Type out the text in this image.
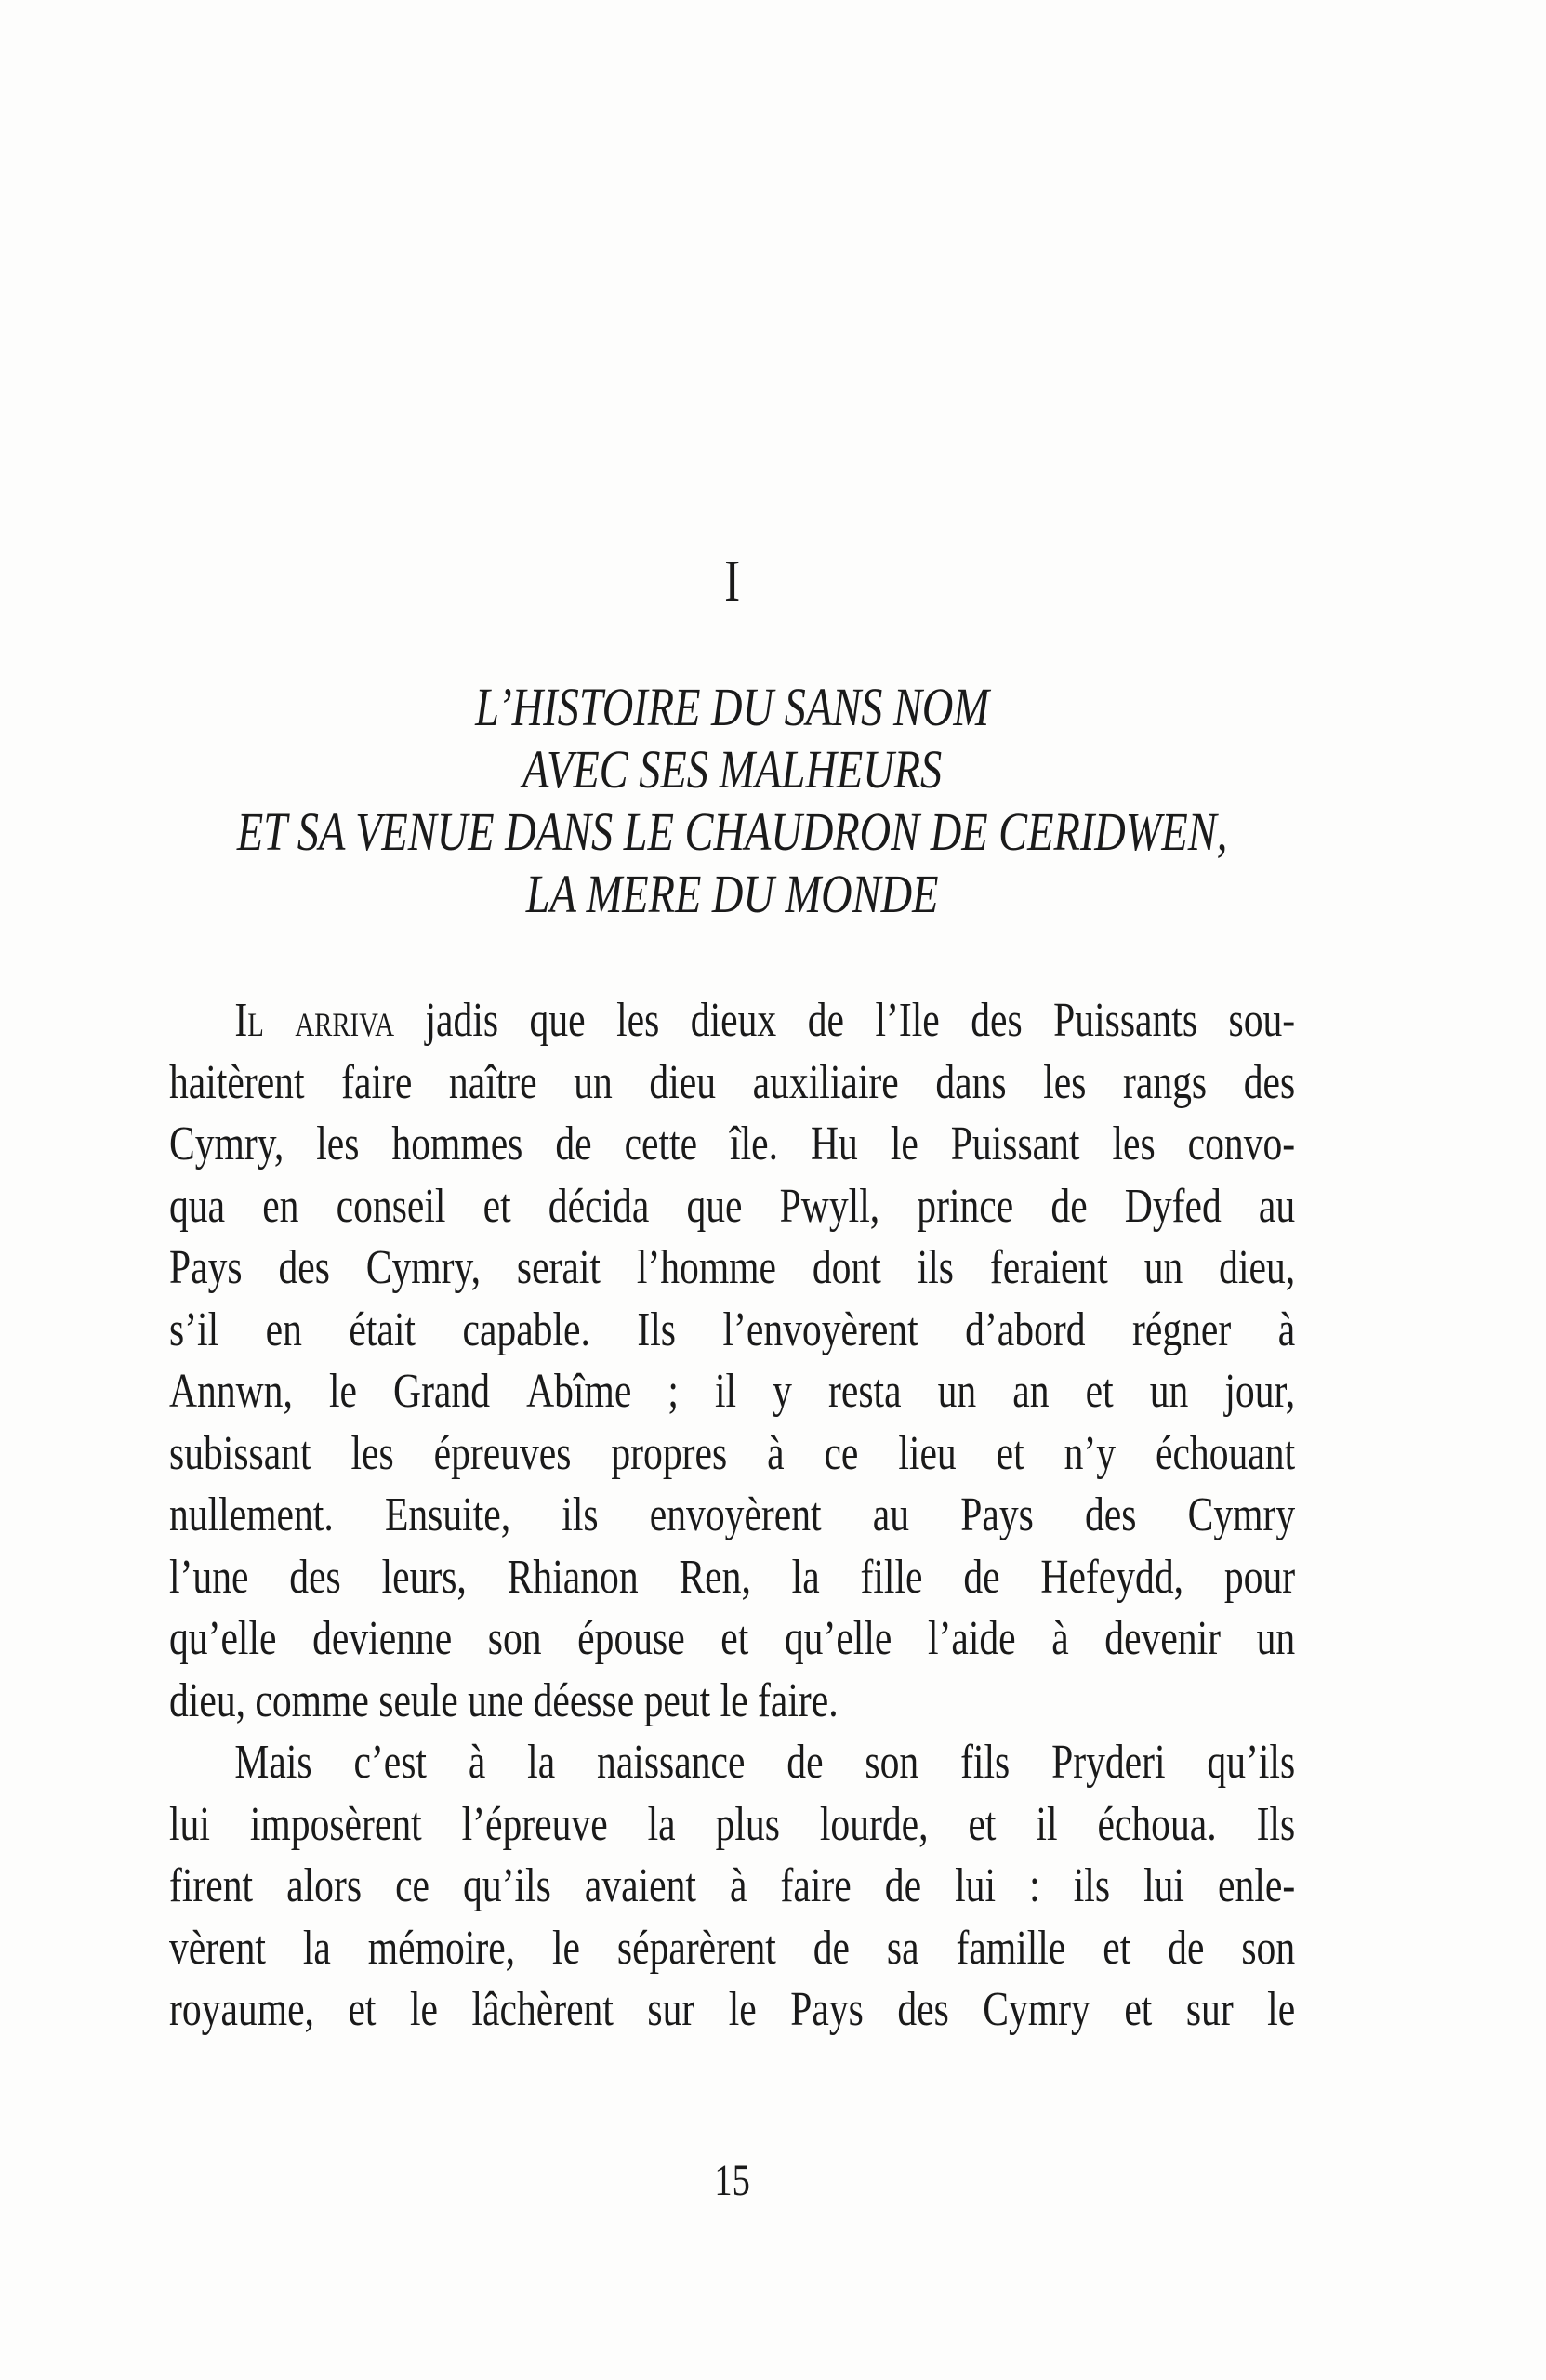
I
L’HISTOIRE DU SANS NOM
AVEC SES MALHEURS
ET SA VENUE DANS LE CHAUDRON DE CERIDWEN,
LA MERE DU MONDE
Il arriva jadis que les dieux de l’Ile des Puissants sou-
haitèrent faire naître un dieu auxiliaire dans les rangs des
Cymry, les hommes de cette île. Hu le Puissant les convo-
qua en conseil et décida que Pwyll, prince de Dyfed au
Pays des Cymry, serait l’homme dont ils feraient un dieu,
s’il en était capable. Ils l’envoyèrent d’abord régner à
Annwn, le Grand Abîme ; il y resta un an et un jour,
subissant les épreuves propres à ce lieu et n’y échouant
nullement. Ensuite, ils envoyèrent au Pays des Cymry
l’une des leurs, Rhianon Ren, la fille de Hefeydd, pour
qu’elle devienne son épouse et qu’elle l’aide à devenir un
dieu, comme seule une déesse peut le faire.
Mais c’est à la naissance de son fils Pryderi qu’ils
lui imposèrent l’épreuve la plus lourde, et il échoua. Ils
firent alors ce qu’ils avaient à faire de lui : ils lui enle-
vèrent la mémoire, le séparèrent de sa famille et de son
royaume, et le lâchèrent sur le Pays des Cymry et sur le
15
